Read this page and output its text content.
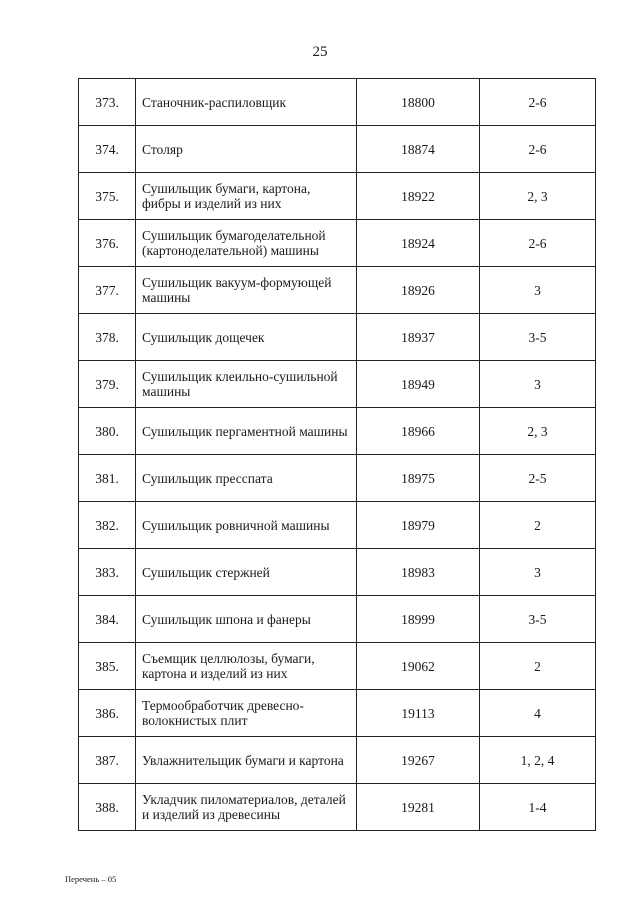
25
373.	Станочник-распиловщик	18800	2-6
374.	Столяр	18874	2-6
375.	Сушильщик бумаги, картона, фибры и изделий из них	18922	2, 3
376.	Сушильщик бумагоделательной (картоноделательной) машины	18924	2-6
377.	Сушильщик вакуум-формующей машины	18926	3
378.	Сушильщик дощечек	18937	3-5
379.	Сушильщик клеильно-сушильной машины	18949	3
380.	Сушильщик пергаментной машины	18966	2, 3
381.	Сушильщик пресспата	18975	2-5
382.	Сушильщик ровничной машины	18979	2
383.	Сушильщик стержней	18983	3
384.	Сушильщик шпона и фанеры	18999	3-5
385.	Съемщик целлюлозы, бумаги, картона и изделий из них	19062	2
386.	Термообработчик древесно-волокнистых плит	19113	4
387.	Увлажнительщик бумаги и картона	19267	1, 2, 4
388.	Укладчик пиломатериалов, деталей и изделий из древесины	19281	1-4
Перечень – 05
